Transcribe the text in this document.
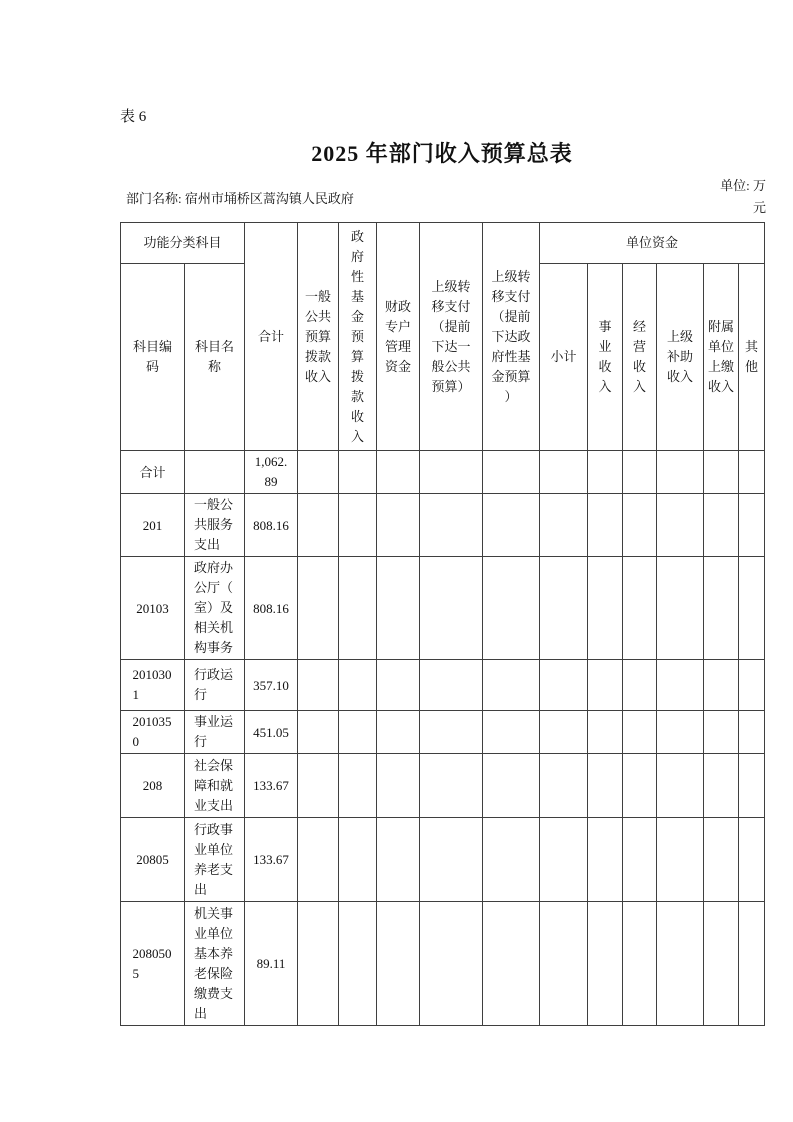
表 6
2025 年部门收入预算总表
部门名称: 宿州市埇桥区蒿沟镇人民政府
单位: 万元
功能分类科目		合计	一般公共预算拨款收入	政府性基金预算拨款收入	财政专户管理资金	上级转移支付（提前下达一般公共预算）	上级转移支付（提前下达政府性基金预算）	单位资金					
科目编码	科目名称							小计	事业收入	经营收入	上级补助收入	附属单位上缴收入	其他
合计		1,062.89											
201	一般公共服务支出	808.16											
20103	政府办公厅（室）及相关机构事务	808.16											
2010301	行政运行	357.10											
2010350	事业运行	451.05											
208	社会保障和就业支出	133.67											
20805	行政事业单位养老支出	133.67											
2080505	机关事业单位基本养老保险缴费支出	89.11											
